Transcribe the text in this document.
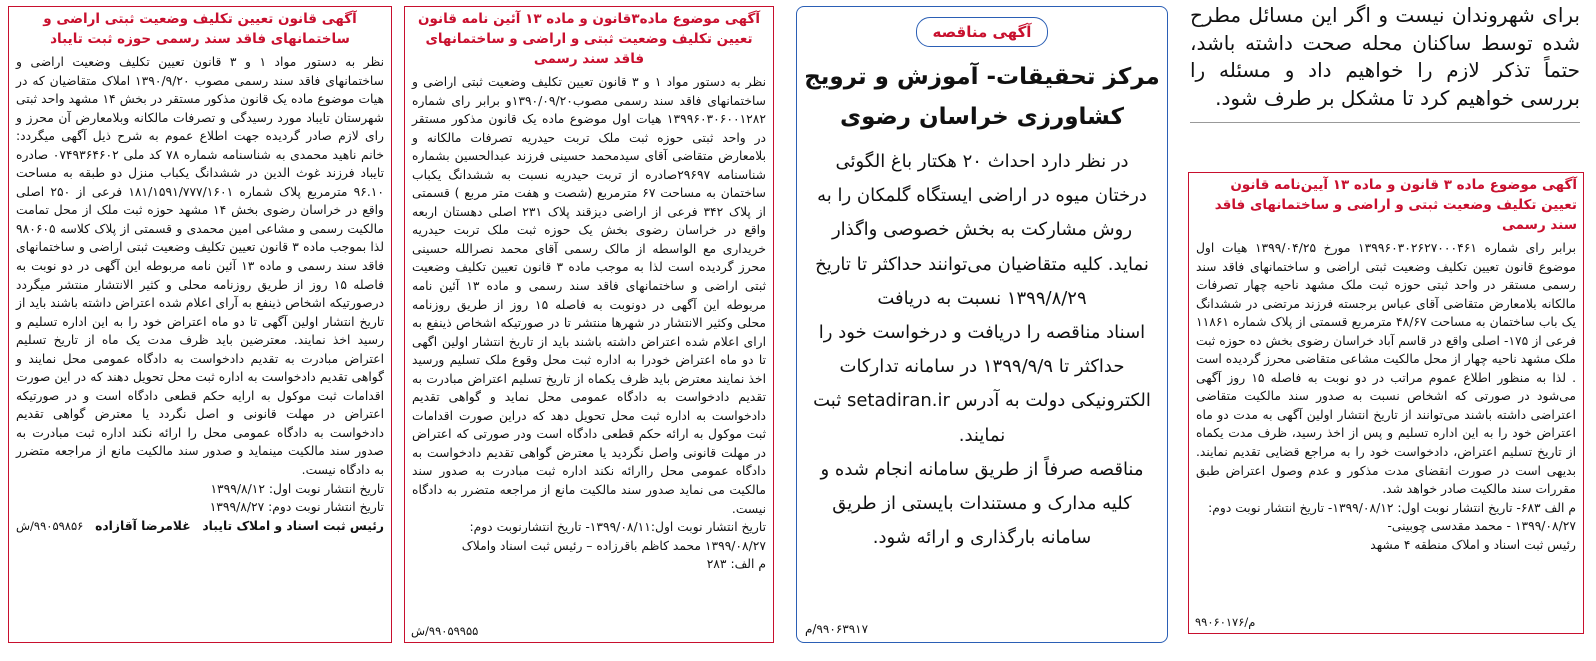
برای شهروندان نیست و اگر این مسائل مطرح شده توسط ساکنان محله صحت داشته باشد، حتماً تذکر لازم را خواهیم داد و مسئله را بررسی خواهیم کرد تا مشکل بر طرف شود.
آگهی موضوع ماده ۳ قانون و ماده ۱۳ آیین‌نامه قانون تعیین تکلیف وضعیت ثبتی و اراضی و ساختمانهای فاقد سند رسمی

برابر رای شماره ۱۳۹۹۶۰۳۰۲۶۲۷۰۰۰۴۶۱ مورخ ۱۳۹۹/۰۴/۲۵ هیات اول موضوع قانون تعیین تکلیف وضعیت ثبتی اراضی و ساختمانهای فاقد سند رسمی مستقر در واحد ثبتی حوزه ثبت ملک مشهد ناحیه چهار تصرفات مالکانه بلامعارض متقاضی آقای عباس برجسته فرزند مرتضی در ششدانگ یک باب ساختمان به مساحت ۴۸/۶۷ مترمربع قسمتی از پلاک شماره ۱۱۸۶۱ فرعی از ۱۷۵- اصلی واقع در قاسم آباد خراسان رضوی بخش ده حوزه ثبت ملک مشهد ناحیه چهار از محل مالکیت مشاعی متقاضی محرز گردیده است . لذا به منظور اطلاع عموم مراتب در دو نوبت به فاصله ۱۵ روز آگهی می‌شود در صورتی که اشخاص نسبت به صدور سند مالکیت متقاضی اعتراضی داشته باشند می‌توانند از تاریخ انتشار اولین آگهی به مدت دو ماه اعتراض خود را به این اداره تسلیم و پس از اخذ رسید، ظرف مدت یکماه از تاریخ تسلیم اعتراض، دادخواست خود را به مراجع قضایی تقدیم نمایند. بدیهی است در صورت انقضای مدت مذکور و عدم وصول اعتراض طبق مقررات سند مالکیت صادر خواهد شد.

م الف ۶۸۳- تاریخ انتشار نوبت اول: ۱۳۹۹/۰۸/۱۲- تاریخ انتشار نوبت دوم: ۱۳۹۹/۰۸/۲۷ - محمد مقدسی چوبینی-
رئیس ثبت اسناد و املاک منطقه ۴ مشهد
م/۹۹۰۶۰۱۷۶
آگهی مناقصه
مرکز تحقیقات- آموزش و ترویج کشاورزی خراسان رضوی

در نظر دارد احداث ۲۰ هکتار باغ الگوئی درختان میوه در اراضی ایستگاه گلمکان را به روش مشارکت به بخش خصوصی واگذار نماید. کلیه متقاضیان می‌توانند حداکثر تا تاریخ ۱۳۹۹/۸/۲۹ نسبت به دریافت

اسناد مناقصه را دریافت و درخواست خود را حداکثر تا ۱۳۹۹/۹/۹ در سامانه تدارکات الکترونیکی دولت به آدرس setadiran.ir ثبت نمایند.

مناقصه صرفاً از طریق سامانه انجام شده و کلیه مدارک و مستندات بایستی از طریق سامانه بارگذاری و ارائه شود.

۹۹۰۶۳۹۱۷/م
آگهی موضوع ماده۳قانون و ماده ۱۳ آئین نامه قانون تعیین تکلیف وضعیت ثبتی و اراضی و ساختمانهای فاقد سند رسمی

نظر به دستور مواد ۱ و ۳ قانون تعیین تکلیف وضعیت ثبتی اراضی و ساختمانهای فاقد سند رسمی مصوب۱۳۹۰/۰۹/۲۰و برابر رای شماره ۱۳۹۹۶۰۳۰۶۰۰۱۲۸۲ هیات اول موضوع ماده یک قانون مذکور مستقر در واحد ثبتی حوزه ثبت ملک تربت حیدریه تصرفات مالکانه و بلامعارض متقاضی آقای سیدمحمد حسینی فرزند عبدالحسین بشماره شناسنامه ۲۹۶۹۷صادره از تربت حیدریه نسبت به ششدانگ یکباب ساختمان به مساحت ۶۷ مترمربع (شصت و هفت متر مربع ) قسمتی از پلاک ۳۴۲ فرعی از اراضی دیزقند پلاک ۲۳۱ اصلی دهستان اربعه واقع در خراسان رضوی بخش یک حوزه ثبت ملک تربت حیدریه خریداری مع الواسطه از مالک رسمی آقای محمد نصرالله حسینی محرز گردیده است لذا به موجب ماده ۳ قانون تعیین تکلیف وضعیت ثبتی اراضی و ساختمانهای فاقد سند رسمی و ماده ۱۳ آئین نامه مربوطه این آگهی در دونوبت به فاصله ۱۵ روز از طریق روزنامه محلی وکثیر الانتشار در شهرها منتشر تا در صورتیکه اشخاص ذینفع به ارای اعلام شده اعتراض داشته باشند باید از تاریخ انتشار اولین اگهی تا دو ماه اعتراض خودرا به اداره ثبت محل وقوع ملک تسلیم ورسید اخذ نمایند معترض باید ظرف یکماه از تاریخ تسلیم اعتراض مبادرت به تقدیم دادخواست به دادگاه عمومی محل نماید و گواهی تقدیم دادخواست به اداره ثبت محل تحویل دهد که دراین صورت اقدامات ثبت موکول به ارائه حکم قطعی دادگاه است ودر صورتی که اعتراض در مهلت قانونی واصل نگردید یا معترض گواهی تقدیم دادخواست به دادگاه عمومی محل راارائه نکند اداره ثبت مبادرت به صدور سند مالکیت می نماید صدور سند مالکیت مانع از مراجعه متضرر به دادگاه نیست.

تاریخ انتشار نوبت اول:۱۳۹۹/۰۸/۱۱- تاریخ انتشارنوبت دوم: ۱۳۹۹/۰۸/۲۷ محمد کاظم باقرزاده – رئیس ثبت اسناد واملاک
م الف: ۲۸۳
۹۹۰۵۹۹۵۵/ش
آگهی قانون تعیین تکلیف وضعیت ثبتی اراضی و ساختمانهای فاقد سند رسمی حوزه ثبت تایباد

نظر به دستور مواد ۱ و ۳ قانون تعیین تکلیف وضعیت اراضی و ساختمانهای فاقد سند رسمی مصوب ۱۳۹۰/۹/۲۰ املاک متقاضیان که در هیات موضوع ماده یک قانون مذکور مستقر در بخش ۱۴ مشهد واحد ثبتی شهرستان تایباد مورد رسیدگی و تصرفات مالکانه وبلامعارض آن محرز و رای لازم صادر گردیده جهت اطلاع عموم به شرح ذیل آگهی میگردد: خانم ناهید محمدی به شناسنامه شماره ۷۸ کد ملی ۰۷۴۹۳۶۴۶۰۲ صادره تایباد فرزند غوث الدین در ششدانگ یکباب منزل دو طبقه به مساحت ۹۶.۱۰ مترمربع پلاک شماره ۱۸۱/۱۵۹۱/۷۷۷/۱۶۰۱ فرعی از ۲۵۰ اصلی واقع در خراسان رضوی بخش ۱۴ مشهد حوزه ثبت ملک از محل تمامت مالکیت رسمی و مشاعی امین محمدی و قسمتی از پلاک کلاسه ۹۸۰۶۰۵ لذا بموجب ماده ۳ قانون تعیین تکلیف وضعیت ثبتی اراضی و ساختمانهای فاقد سند رسمی و ماده ۱۳ آئین نامه مربوطه این آگهی در دو نوبت به فاصله ۱۵ روز از طریق روزنامه محلی و کثیر الانتشار منتشر میگردد درصورتیکه اشخاص ذینفع به آرای اعلام شده اعتراض داشته باشند باید از تاریخ انتشار اولین آگهی تا دو ماه اعتراض خود را به این اداره تسلیم و رسید اخذ نمایند. معترضین باید ظرف مدت یک ماه از تاریخ تسلیم اعتراض مبادرت به تقدیم دادخواست به دادگاه عمومی محل نمایند و گواهی تقدیم دادخواست به اداره ثبت محل تحویل دهند که در این صورت اقدامات ثبت موکول به ارایه حکم قطعی دادگاه است و در صورتیکه اعتراض در مهلت قانونی و اصل نگردد یا معترض گواهی تقدیم دادخواست به دادگاه عمومی محل را ارائه نکند اداره ثبت مبادرت به صدور سند مالکیت مینماید و صدور سند مالکیت مانع از مراجعه متضرر به دادگاه نیست.

تاریخ انتشار نوبت اول: ۱۳۹۹/۸/۱۲
تاریخ انتشار نوبت دوم: ۱۳۹۹/۸/۲۷
رئیس ثبت اسناد و املاک تایباد
غلامرضا آقازاده
۹۹۰۵۹۸۵۶/ش
